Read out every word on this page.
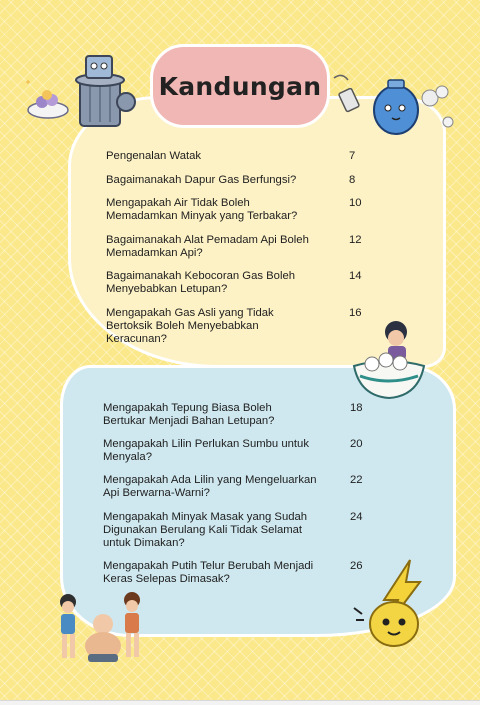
Kandungan
Pengenalan Watak	7
Bagaimanakah Dapur Gas Berfungsi?	8
Mengapakah Air Tidak Boleh
Memadamkan Minyak yang Terbakar?
10
Bagaimanakah Alat Pemadam Api Boleh
Memadamkan Api?
12
Bagaimanakah Kebocoran Gas Boleh
Menyebabkan Letupan?
14
Mengapakah Gas Asli yang Tidak
Bertoksik Boleh Menyebabkan
Keracunan?
16
Mengapakah Tepung Biasa Boleh
Bertukar Menjadi Bahan Letupan?
18
Mengapakah Lilin Perlukan Sumbu untuk
Menyala?
20
Mengapakah Ada Lilin yang Mengeluarkan
Api Berwarna-Warni?
22
Mengapakah Minyak Masak yang Sudah
Digunakan Berulang Kali Tidak Selamat
untuk Dimakan?
24
Mengapakah Putih Telur Berubah Menjadi
Keras Selepas Dimasak?
26
